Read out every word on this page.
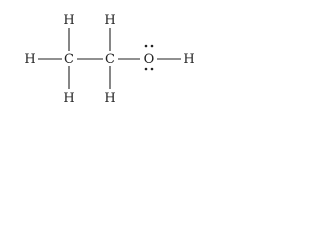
H C C O H
H
H
H
H
